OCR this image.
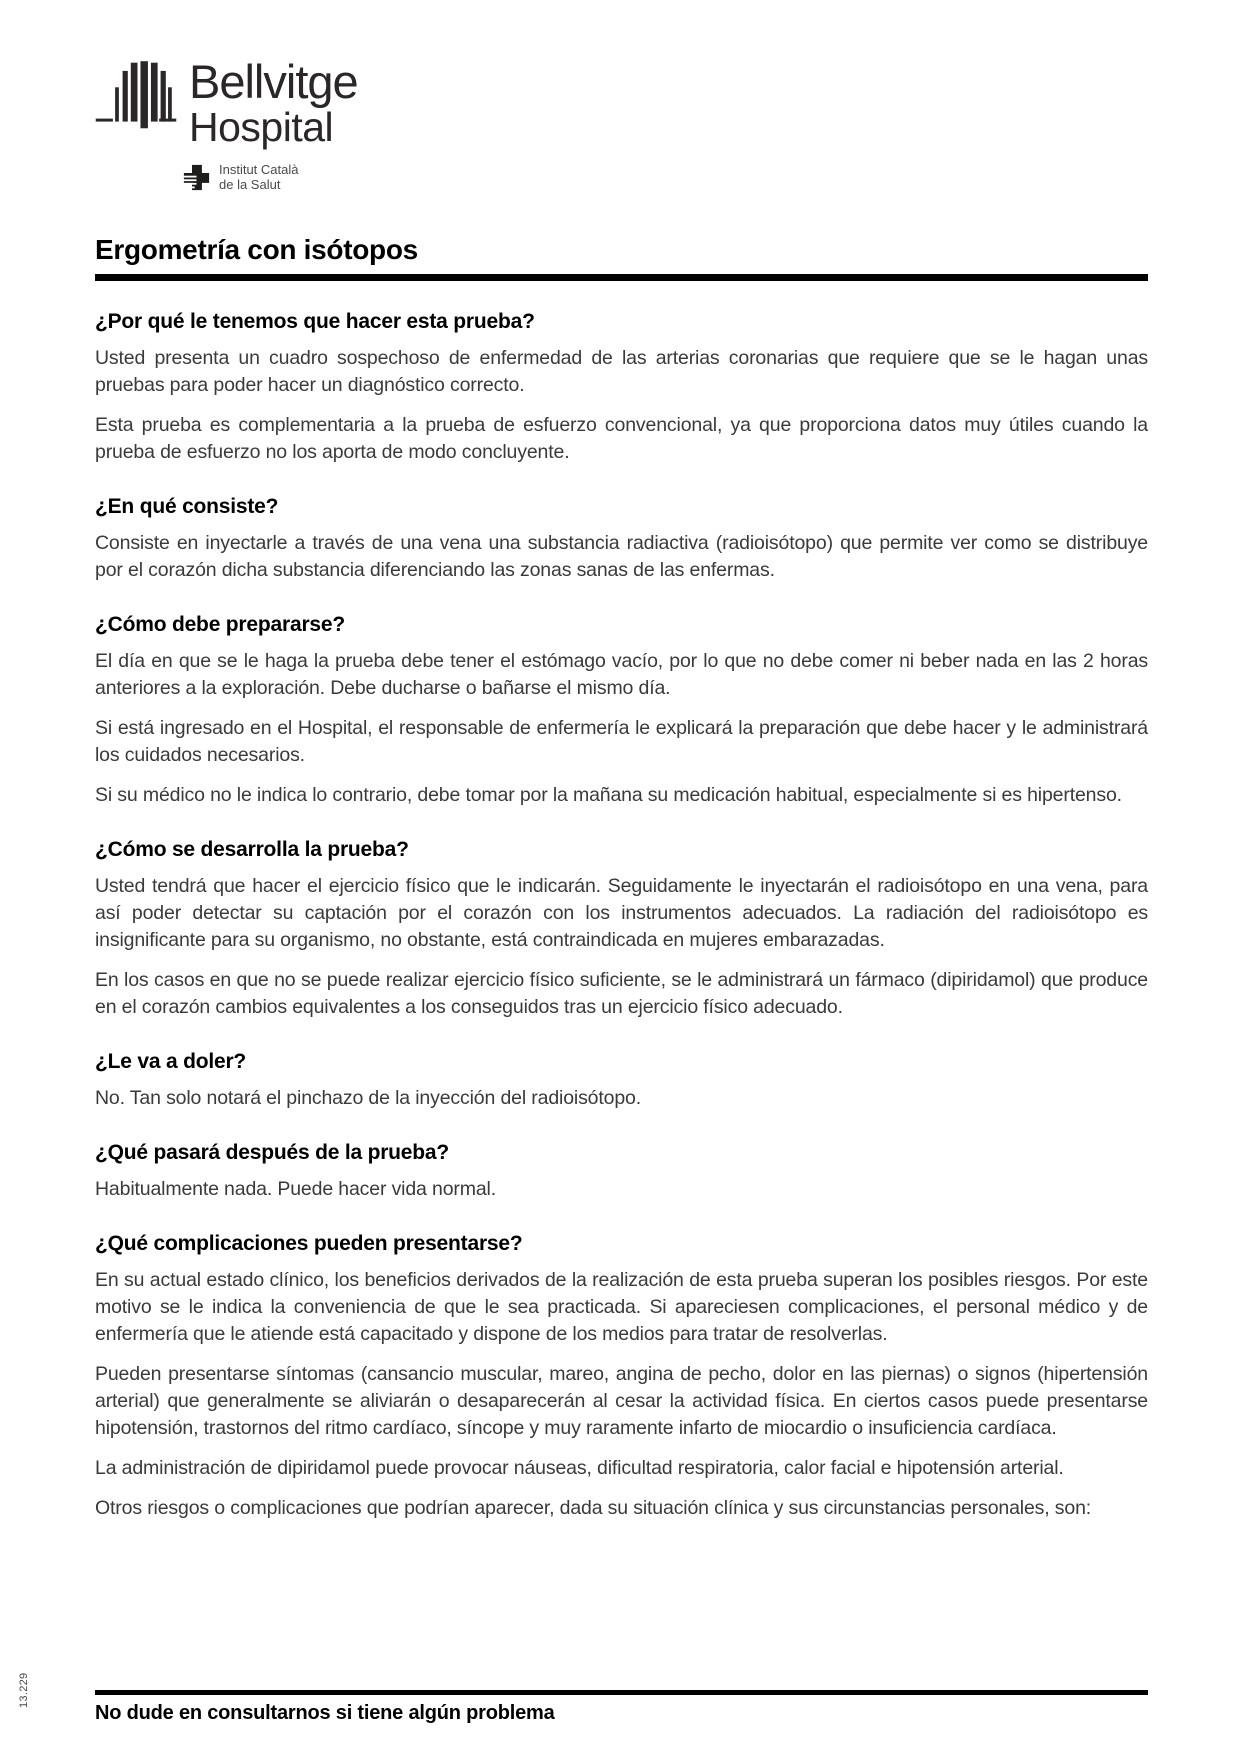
Bellvitge
Hospital
Institut Català
de la Salut
Ergometría con isótopos
¿Por qué le tenemos que hacer esta prueba?

Usted presenta un cuadro sospechoso de enfermedad de las arterias coronarias que requiere que se le hagan unas pruebas para poder hacer un diagnóstico correcto.

Esta prueba es complementaria a la prueba de esfuerzo convencional, ya que proporciona datos muy útiles cuando la prueba de esfuerzo no los aporta de modo concluyente.

¿En qué consiste?

Consiste en inyectarle a través de una vena una substancia radiactiva (radioisótopo) que permite ver como se distribuye por el corazón dicha substancia diferenciando las zonas sanas de las enfermas.

¿Cómo debe prepararse?

El día en que se le haga la prueba debe tener el estómago vacío, por lo que no debe comer ni beber nada en las 2 horas anteriores a la exploración. Debe ducharse o bañarse el mismo día.

Si está ingresado en el Hospital, el responsable de enfermería le explicará la preparación que debe hacer y le administrará los cuidados necesarios.

Si su médico no le indica lo contrario, debe tomar por la mañana su medicación habitual, especialmente si es hipertenso.

¿Cómo se desarrolla la prueba?

Usted tendrá que hacer el ejercicio físico que le indicarán. Seguidamente le inyectarán el radioisótopo en una vena, para así poder detectar su captación por el corazón con los instrumentos adecuados. La radiación del radioisótopo es insignificante para su organismo, no obstante, está contraindicada en mujeres embarazadas.

En los casos en que no se puede realizar ejercicio físico suficiente, se le administrará un fármaco (dipiridamol) que produce en el corazón cambios equivalentes a los conseguidos tras un ejercicio físico adecuado.

¿Le va a doler?

No. Tan solo notará el pinchazo de la inyección del radioisótopo.

¿Qué pasará después de la prueba?

Habitualmente nada. Puede hacer vida normal.

¿Qué complicaciones pueden presentarse?

En su actual estado clínico, los beneficios derivados de la realización de esta prueba superan los posibles riesgos. Por este motivo se le indica la conveniencia de que le sea practicada. Si apareciesen complicaciones, el personal médico y de enfermería que le atiende está capacitado y dispone de los medios para tratar de resolverlas.

Pueden presentarse síntomas (cansancio muscular, mareo, angina de pecho, dolor en las piernas) o signos (hipertensión arterial) que generalmente se aliviarán o desaparecerán al cesar la actividad física. En ciertos casos puede presentarse hipotensión, trastornos del ritmo cardíaco, síncope y muy raramente infarto de miocardio o insuficiencia cardíaca.

La administración de dipiridamol puede provocar náuseas, dificultad respiratoria, calor facial e hipotensión arterial.

Otros riesgos o complicaciones que podrían aparecer, dada su situación clínica y sus circunstancias personales, son:

13.229
No dude en consultarnos si tiene algún problema
